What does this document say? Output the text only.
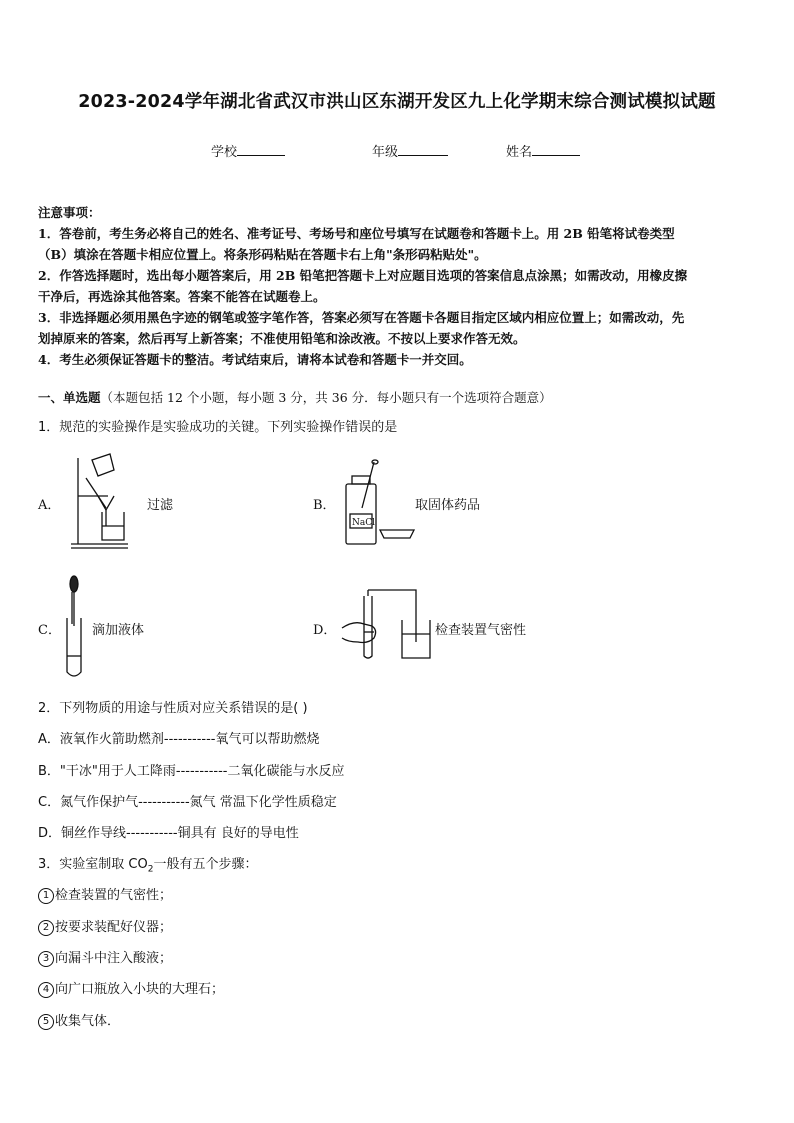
2023-2024学年湖北省武汉市洪山区东湖开发区九上化学期末综合测试模拟试题
学校	年级	姓名

注意事项：

1．答卷前，考生务必将自己的姓名、准考证号、考场号和座位号填写在试题卷和答题卡上。用 2B 铅笔将试卷类型

（B）填涂在答题卡相应位置上。将条形码粘贴在答题卡右上角"条形码粘贴处"。

2．作答选择题时，选出每小题答案后，用 2B 铅笔把答题卡上对应题目选项的答案信息点涂黑；如需改动，用橡皮擦

干净后，再选涂其他答案。答案不能答在试题卷上。

3．非选择题必须用黑色字迹的钢笔或签字笔作答，答案必须写在答题卡各题目指定区域内相应位置上；如需改动，先

划掉原来的答案，然后再写上新答案；不准使用铅笔和涂改液。不按以上要求作答无效。

4．考生必须保证答题卡的整洁。考试结束后，请将本试卷和答题卡一并交回。

一、单选题（本题包括 12 个小题，每小题 3 分，共 36 分．每小题只有一个选项符合题意）
1．规范的实验操作是实验成功的关键。下列实验操作错误的是
A．	过滤	B．
NaCl
取固体药品
C． 滴加液体	D．	检查装置气密性
2．下列物质的用途与性质对应关系错误的是( )
A．液氧作火箭助燃剂-----------氧气可以帮助燃烧
B．"干冰"用于人工降雨-----------二氧化碳能与水反应
C．氮气作保护气-----------氮气 常温下化学性质稳定
D．铜丝作导线-----------铜具有 良好的导电性
3．实验室制取 $CO_2$一般有五个步骤：
1 检查装置的气密性；
2 按要求装配好仪器；
3 向漏斗中注入酸液；
4 向广口瓶放入小块的大理石；
5 收集气体．
